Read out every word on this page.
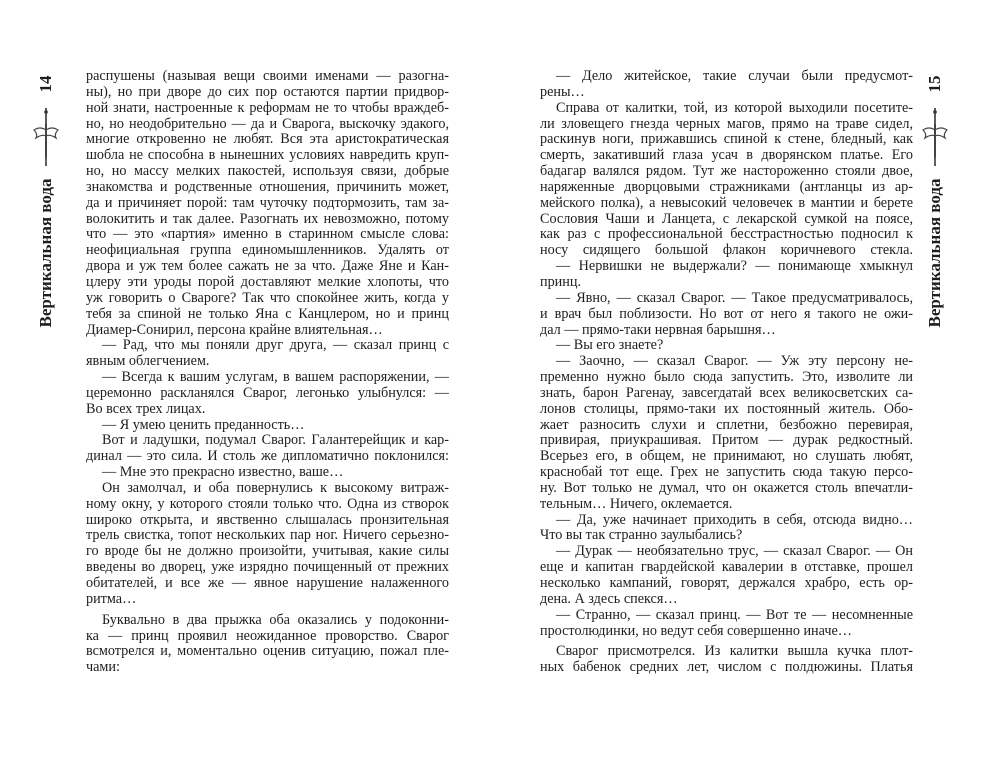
14
Вертикальная вода
распушены (называя вещи своими именами — разогна-
ны), но при дворе до сих пор остаются партии придвор-
ной знати, настроенные к реформам не то чтобы враждеб-
но, но неодобрительно — да и Сварога, выскочку эдакого,
многие откровенно не любят. Вся эта аристократическая
шобла не способна в нынешних условиях навредить круп-
но, но массу мелких пакостей, используя связи, добрые
знакомства и родственные отношения, причинить может,
да и причиняет порой: там чуточку подтормозить, там за-
волокитить и так далее. Разогнать их невозможно, потому
что — это «партия» именно в старинном смысле слова:
неофициальная группа единомышленников. Удалять от
двора и уж тем более сажать не за что. Даже Яне и Кан-
цлеру эти уроды порой доставляют мелкие хлопоты, что
уж говорить о Свароге? Так что спокойнее жить, когда у
тебя за спиной не только Яна с Канцлером, но и принц
Диамер-Сонирил, персона крайне влиятельная…
— Рад, что мы поняли друг друга, — сказал принц с
явным облегчением.
— Всегда к вашим услугам, в вашем распоряжении, —
церемонно раскланялся Сварог, легонько улыбнулся: —
Во всех трех лицах.
— Я умею ценить преданность…
Вот и ладушки, подумал Сварог. Галантерейщик и кар-
динал — это сила. И столь же дипломатично поклонился:
— Мне это прекрасно известно, ваше…
Он замолчал, и оба повернулись к высокому витраж-
ному окну, у которого стояли только что. Одна из створок
широко открыта, и явственно слышалась пронзительная
трель свистка, топот нескольких пар ног. Ничего серьезно-
го вроде бы не должно произойти, учитывая, какие силы
введены во дворец, уже изрядно почищенный от прежних
обитателей, и все же — явное нарушение налаженного
ритма…
Буквально в два прыжка оба оказались у подоконни-
ка — принц проявил неожиданное проворство. Сварог
всмотрелся и, моментально оценив ситуацию, пожал пле-
чами:
— Дело житейское, такие случаи были предусмот-
рены…
Справа от калитки, той, из которой выходили посетите-
ли зловещего гнезда черных магов, прямо на траве сидел,
раскинув ноги, прижавшись спиной к стене, бледный, как
смерть, закативший глаза усач в дворянском платье. Его
бадагар валялся рядом. Тут же настороженно стояли двое,
наряженные дворцовыми стражниками (антланцы из ар-
мейского полка), а невысокий человечек в мантии и берете
Сословия Чаши и Ланцета, с лекарской сумкой на поясе,
как раз с профессиональной бесстрастностью подносил к
носу сидящего большой флакон коричневого стекла.
— Нервишки не выдержали? — понимающе хмыкнул
принц.
— Явно, — сказал Сварог. — Такое предусматривалось,
и врач был поблизости. Но вот от него я такого не ожи-
дал — прямо-таки нервная барышня…
— Вы его знаете?
— Заочно, — сказал Сварог. — Уж эту персону не-
пременно нужно было сюда запустить. Это, изволите ли
знать, барон Рагенау, завсегдатай всех великосветских са-
лонов столицы, прямо-таки их постоянный житель. Обо-
жает разносить слухи и сплетни, безбожно перевирая,
привирая, приукрашивая. Притом — дурак редкостный.
Всерьез его, в общем, не принимают, но слушать любят,
краснобай тот еще. Грех не запустить сюда такую персо-
ну. Вот только не думал, что он окажется столь впечатли-
тельным… Ничего, оклемается.
— Да, уже начинает приходить в себя, отсюда видно…
Что вы так странно заулыбались?
— Дурак — необязательно трус, — сказал Сварог. — Он
еще и капитан гвардейской кавалерии в отставке, прошел
несколько кампаний, говорят, держался храбро, есть ор-
дена. А здесь спекся…
— Странно, — сказал принц. — Вот те — несомненные
простолюдинки, но ведут себя совершенно иначе…
Сварог присмотрелся. Из калитки вышла кучка плот-
ных бабенок средних лет, числом с полдюжины. Платья
15
Вертикальная вода
